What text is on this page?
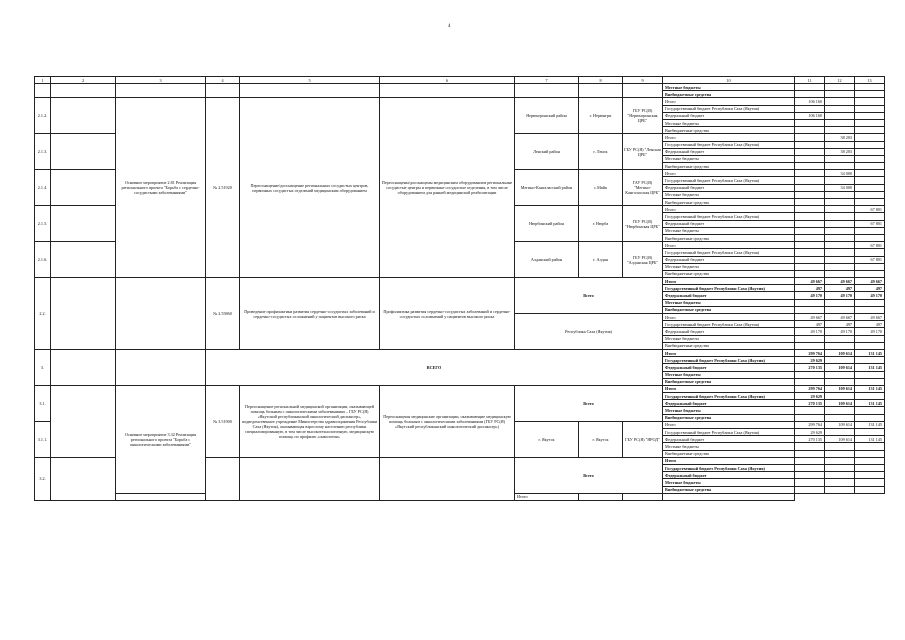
4
1	2	3	4	5	6	7	8	9	10	11	12	13
									Местные бюджеты			
									Внебюджетные средства			
2.1.2.		Основное мероприятие 2.81 Реализация регионального проекта "Борьба с сердечно-сосудистыми заболеваниями"	№ 2.51920	Переоснащение/дооснащение региональных сосудистых центров, первичных сосудистых отделений медицинским оборудованием	Переоснащены/дооснащены медицинским оборудованием региональные сосудистые центры и первичные сосудистые отделения, в том числе оборудованием для ранней медицинской реабилитации	Нерюнгринский район	г. Нерюнгри	ГБУ РС(Я) "Нерюнгринская ЦРБ"	Итого	106 160		
									Государственный бюджет Республики Саха (Якутия)			
									Федеральный бюджет	106 160		
									Местные бюджеты			
									Внебюджетные средства			
2.1.3.						Ленский район	г. Ленск	ГБУ РС(Я) "Ленская ЦРБ"	Итого		38 203	
									Государственный бюджет Республики Саха (Якутия)			
									Федеральный бюджет		38 203	
									Местные бюджеты			
									Внебюджетные средства			
2.1.4.						Мегино-Кангаласский район	с.Майя	ГАУ РС(Я) "Мегино-Кангаласская ЦРБ"	Итого		34 000	
									Государственный бюджет Республики Саха (Якутия)			
									Федеральный бюджет		34 000	
									Местные бюджеты			
									Внебюджетные средства			
2.1.5.						Нюрбинский район	г. Нюрба	ГБУ РС(Я) "Нюрбинская ЦРБ"	Итого			67 801
									Государственный бюджет Республики Саха (Якутия)			
									Федеральный бюджет			67 801
									Местные бюджеты			
									Внебюджетные средства			
2.1.6.						Алданский район	г. Алдан	ГБУ РС(Я) "Алданская ЦРБ"	Итого			67 801
									Государственный бюджет Республики Саха (Якутия)			
									Федеральный бюджет			67 801
									Местные бюджеты			
									Внебюджетные средства			
2.2.			№ 2.55860	Проведение профилактики развития сердечно-сосудистых заболеваний и сердечно-сосудистых осложнений у пациентов высокого риска	Профилактика развития сердечно-сосудистых заболеваний и сердечно-сосудистых осложнений у пациентов высокого риска	Всего			Итого	49 667	49 667	49 667
									Государственный бюджет Республики Саха (Якутия)	497	497	497
									Федеральный бюджет	49 170	49 170	49 170
									Местные бюджеты			
									Внебюджетные средства			
						Республика Саха (Якутия)			Итого	49 667	49 667	49 667
									Государственный бюджет Республики Саха (Якутия)	497	497	497
									Федеральный бюджет	49 170	49 170	49 170
									Местные бюджеты			
									Внебюджетные средства			
3.			ВСЕГО						Итого	299 764	109 614	131 145
									Государственный бюджет Республики Саха (Якутия)	29 629		
									Федеральный бюджет	270 135	109 614	131 145
									Местные бюджеты			
									Внебюджетные средства			
3.1.		Основное мероприятие 3.32 Реализация регионального проекта "Борьба с онкологическими заболеваниями"	№ 3.51900	Переоснащение региональной медицинской организации, оказывающей помощь больным с онкологическими заболеваниями – ГБУ РС(Я) «Якутский республиканский онкологический диспансер», подведомственное учреждение Министерства здравоохранения Республики Саха (Якутия), оказывающая взрослому населению республики специализированную, в том числе высокотехнологичную, медицинскую помощь по профилю «онкология»	Переоснащены медицинские организации, оказывающие медицинскую помощь больным с онкологическими заболеваниями (ГБУ РС(Я) «Якутский республиканский онкологический диспансер»)	Всего			Итого	299 764	109 614	131 145
									Государственный бюджет Республики Саха (Якутия)	29 629		
									Федеральный бюджет	270 135	109 614	131 145
									Местные бюджеты			
									Внебюджетные средства			
3.1.1.						г. Якутск	г. Якутск	ГБУ РС(Я) "ЯРОД"	Итого	299 764	109 614	131 145
									Государственный бюджет Республики Саха (Якутия)	29 629		
									Федеральный бюджет	270 135	109 614	131 145
									Местные бюджеты			
									Внебюджетные средства			
3.2.						Всего			Итого			
									Государственный бюджет Республики Саха (Якутия)			
									Федеральный бюджет			
									Местные бюджеты			
									Внебюджетные средства			
						Итого						
